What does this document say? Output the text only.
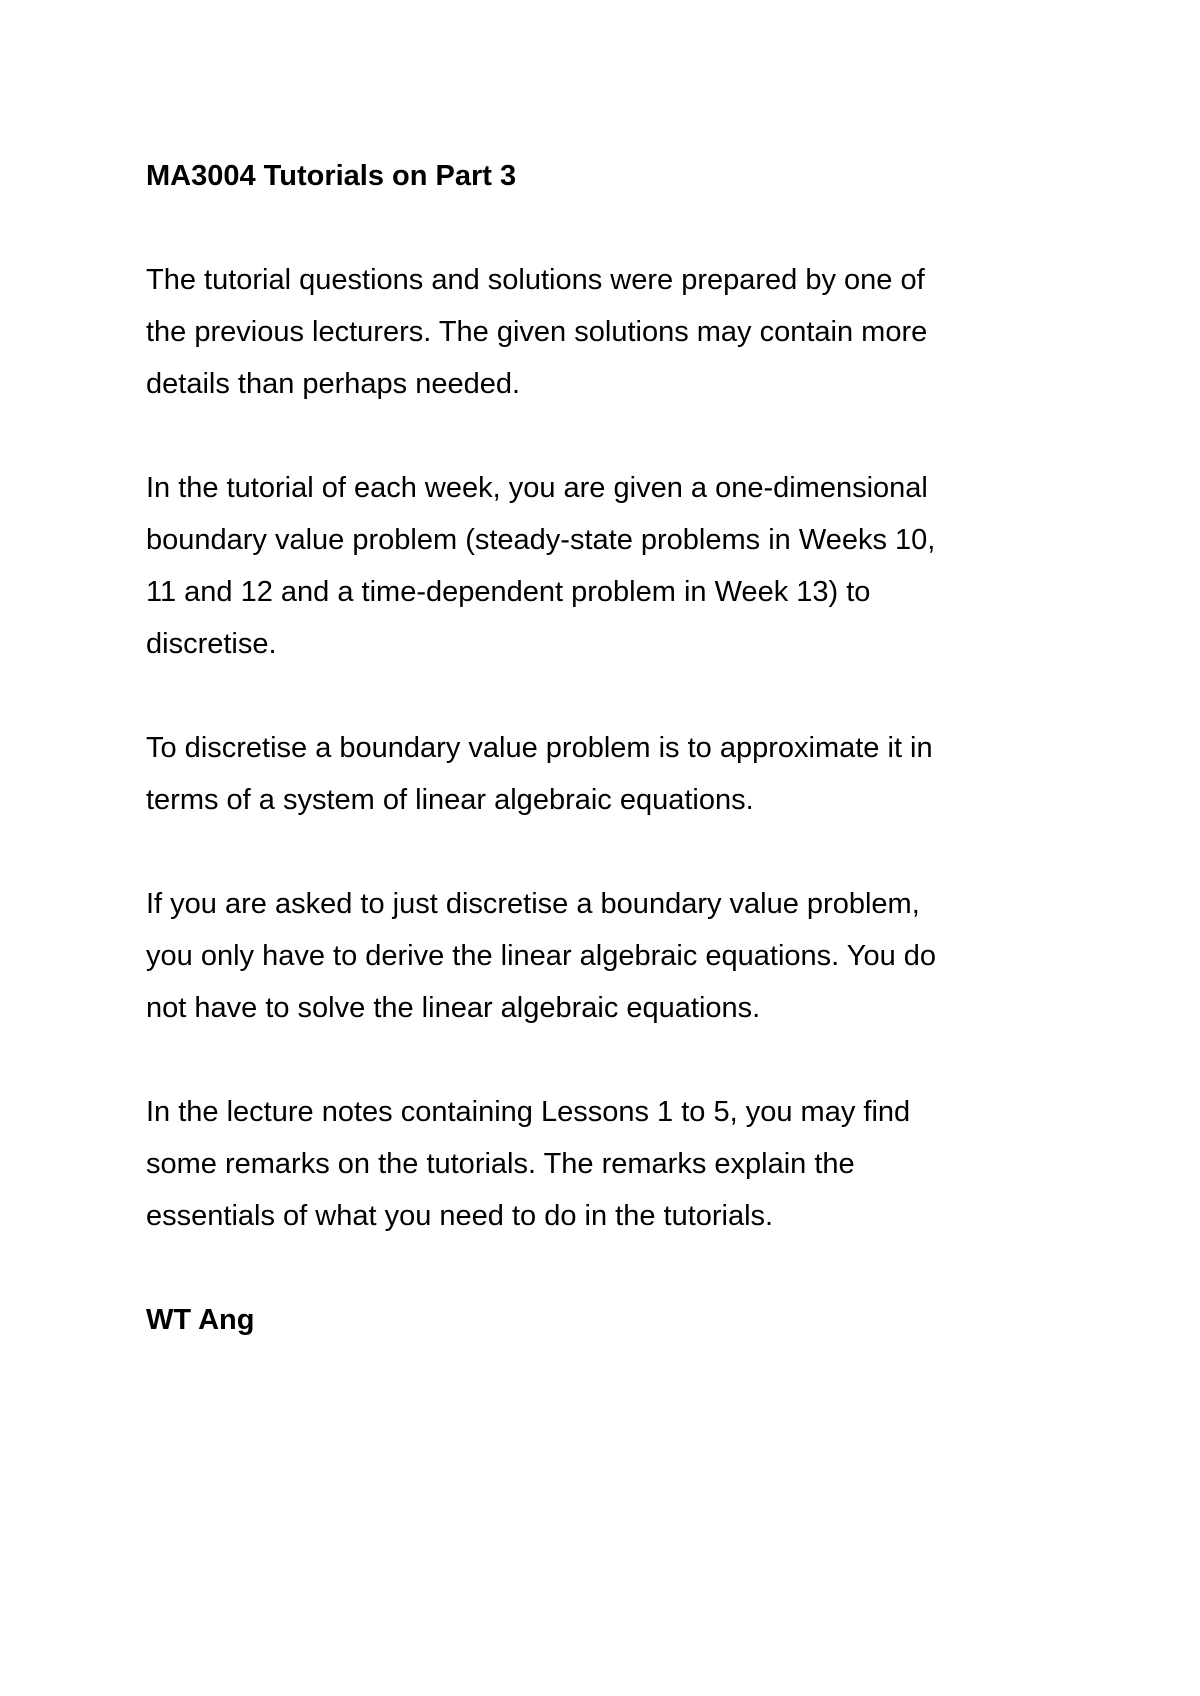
MA3004 Tutorials on Part 3
The tutorial questions and solutions were prepared by one of
the previous lecturers. The given solutions may contain more
details than perhaps needed.
In the tutorial of each week, you are given a one-dimensional
boundary value problem (steady-state problems in Weeks 10,
11 and 12 and a time-dependent problem in Week 13) to
discretise.
To discretise a boundary value problem is to approximate it in
terms of a system of linear algebraic equations.
If you are asked to just discretise a boundary value problem,
you only have to derive the linear algebraic equations. You do
not have to solve the linear algebraic equations.
In the lecture notes containing Lessons 1 to 5, you may find
some remarks on the tutorials. The remarks explain the
essentials of what you need to do in the tutorials.
WT Ang
